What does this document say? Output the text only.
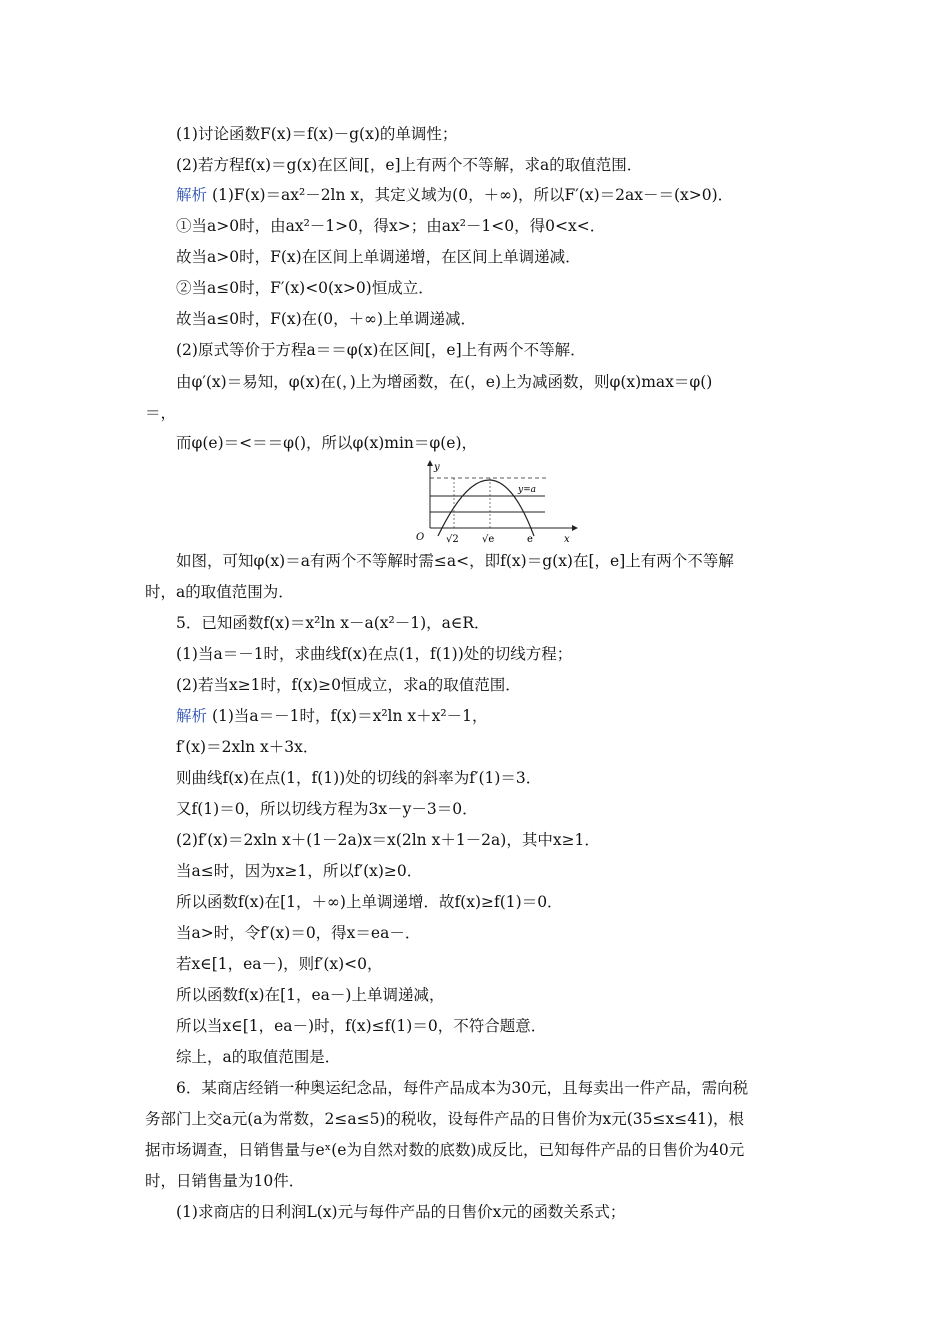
(1)讨论函数F(x)＝f(x)－g(x)的单调性；
(2)若方程f(x)＝g(x)在区间[，e]上有两个不等解，求a的取值范围．
解析 (1)F(x)＝ax²－2ln x，其定义域为(0，＋∞)，所以F′(x)＝2ax－＝(x>0)．
①当a>0时，由ax²－1>0，得x>；由ax²－1<0，得0<x<．
故当a>0时，F(x)在区间上单调递增，在区间上单调递减．
②当a≤0时，F′(x)<0(x>0)恒成立．
故当a≤0时，F(x)在(0，＋∞)上单调递减．
(2)原式等价于方程a＝＝φ(x)在区间[，e]上有两个不等解．
由φ′(x)＝易知，φ(x)在(，)上为增函数，在(，e)上为减函数，则φ(x)max＝φ()
＝，
而φ(e)＝<＝＝φ()，所以φ(x)min＝φ(e)，
y
x
O √2 √e	e
y=a
如图，可知φ(x)＝a有两个不等解时需≤a<，即f(x)＝g(x)在[，e]上有两个不等解
时，a的取值范围为．
5．已知函数f(x)＝x²ln x－a(x²－1)，a∈R．
(1)当a＝－1时，求曲线f(x)在点(1，f(1))处的切线方程；
(2)若当x≥1时，f(x)≥0恒成立，求a的取值范围．
解析 (1)当a＝－1时，f(x)＝x²ln x＋x²－1，
f′(x)＝2xln x＋3x．
则曲线f(x)在点(1，f(1))处的切线的斜率为f′(1)＝3．
又f(1)＝0，所以切线方程为3x－y－3＝0．
(2)f′(x)＝2xln x＋(1－2a)x＝x(2ln x＋1－2a)，其中x≥1．
当a≤时，因为x≥1，所以f′(x)≥0．
所以函数f(x)在[1，＋∞)上单调递增．故f(x)≥f(1)＝0．
当a>时，令f′(x)＝0，得x＝ea－．
若x∈[1，ea－)，则f′(x)<0，
所以函数f(x)在[1，ea－)上单调递减，
所以当x∈[1，ea－)时，f(x)≤f(1)＝0，不符合题意．
综上，a的取值范围是．
6．某商店经销一种奥运纪念品，每件产品成本为30元，且每卖出一件产品，需向税
务部门上交a元(a为常数，2≤a≤5)的税收，设每件产品的日售价为x元(35≤x≤41)，根
据市场调查，日销售量与eˣ(e为自然对数的底数)成反比，已知每件产品的日售价为40元
时，日销售量为10件．
(1)求商店的日利润L(x)元与每件产品的日售价x元的函数关系式；
